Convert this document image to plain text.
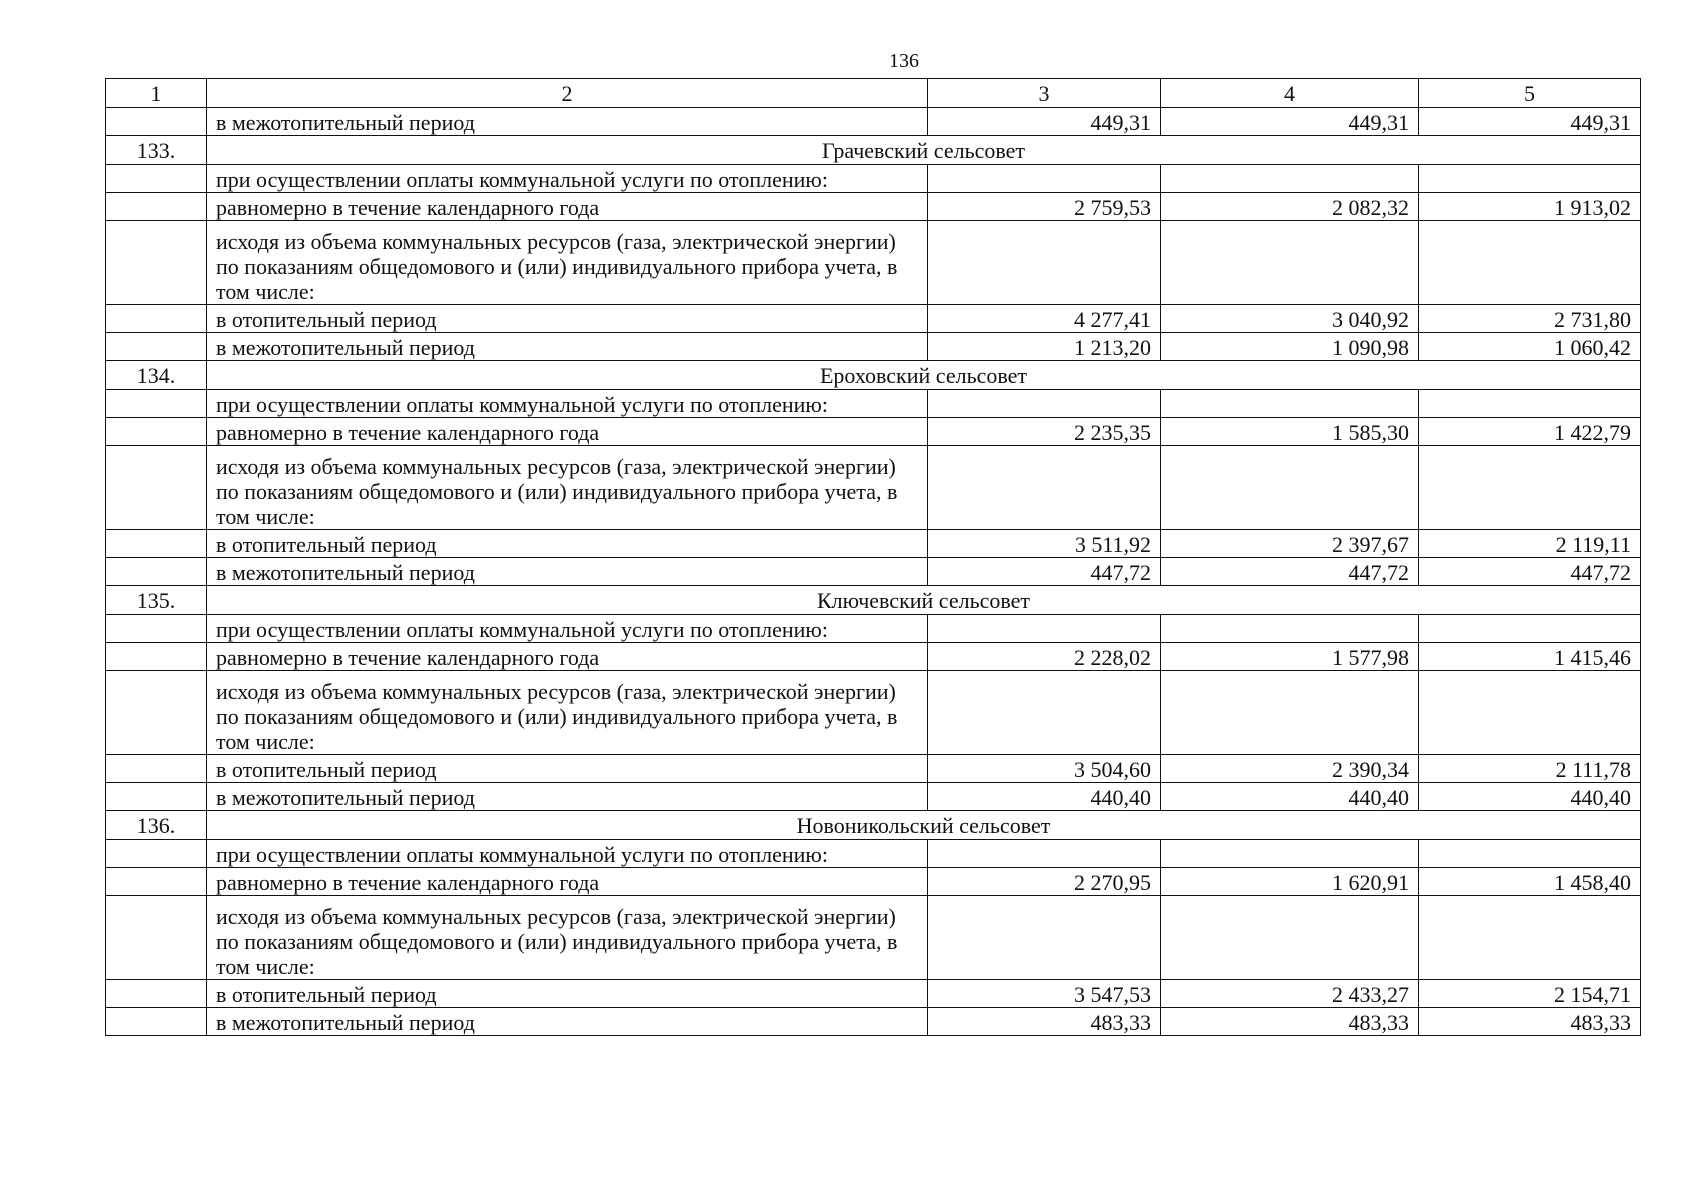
136
1	2	3	4	5
	в межотопительный период	449,31	449,31	449,31
133.	Грачевский сельсовет			
	при осуществлении оплаты коммунальной услуги по отоплению:			
	равномерно в течение календарного года	2 759,53	2 082,32	1 913,02
	исходя из объема коммунальных ресурсов (газа, электрической энергии) по показаниям общедомового и (или) индивидуального прибора учета, в том числе:			
	в отопительный период	4 277,41	3 040,92	2 731,80
	в межотопительный период	1 213,20	1 090,98	1 060,42
134.	Ероховский сельсовет			
	при осуществлении оплаты коммунальной услуги по отоплению:			
	равномерно в течение календарного года	2 235,35	1 585,30	1 422,79
	исходя из объема коммунальных ресурсов (газа, электрической энергии) по показаниям общедомового и (или) индивидуального прибора учета, в том числе:			
	в отопительный период	3 511,92	2 397,67	2 119,11
	в межотопительный период	447,72	447,72	447,72
135.	Ключевский сельсовет			
	при осуществлении оплаты коммунальной услуги по отоплению:			
	равномерно в течение календарного года	2 228,02	1 577,98	1 415,46
	исходя из объема коммунальных ресурсов (газа, электрической энергии) по показаниям общедомового и (или) индивидуального прибора учета, в том числе:			
	в отопительный период	3 504,60	2 390,34	2 111,78
	в межотопительный период	440,40	440,40	440,40
136.	Новоникольский сельсовет			
	при осуществлении оплаты коммунальной услуги по отоплению:			
	равномерно в течение календарного года	2 270,95	1 620,91	1 458,40
	исходя из объема коммунальных ресурсов (газа, электрической энергии) по показаниям общедомового и (или) индивидуального прибора учета, в том числе:			
	в отопительный период	3 547,53	2 433,27	2 154,71
	в межотопительный период	483,33	483,33	483,33
